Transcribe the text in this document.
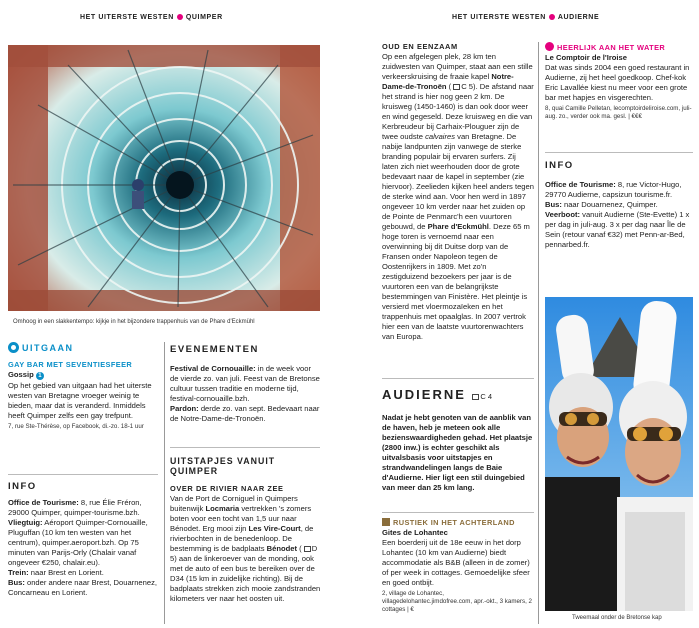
HET UITERSTE WESTEN QUIMPER
Omhoog in een slakkentempo: kijkje in het bijzondere trappenhuis van de Phare d'Eckmühl
UITGAAN
GAY BAR MET SEVENTIESFEER
Gossip 1
Op het gebied van uitgaan had het uiterste westen van Bretagne vroeger weinig te bieden, maar dat is veranderd. Inmiddels heeft Quimper zelfs een gay trefpunt.
7, rue Ste-Thérèse, op Facebook, di.-zo. 18-1 uur
INFO
Office de Tourisme: 8, rue Élie Fréron, 29000 Quimper, quimper-tourisme.bzh.
Vliegtuig: Aéroport Quimper-Cornouaille, Pluguffan (10 km ten westen van het centrum), quimper.aeroport.bzh. Op 75 minuten van Parijs-Orly (Chalair vanaf ongeveer €250, chalair.eu).
Trein: naar Brest en Lorient.
Bus: onder andere naar Brest, Douarnenez, Concarneau en Lorient.
EVENEMENTEN
Festival de Cornouaille: in de week voor de vierde zo. van juli. Feest van de Bretonse cultuur tussen traditie en moderne tijd, festival-cornouaille.bzh.
Pardon: derde zo. van sept. Bedevaart naar de Notre-Dame-de-Tronoën.
UITSTAPJES VANUIT QUIMPER
OVER DE RIVIER NAAR ZEE
Van de Port de Corniguel in Quimpers buitenwijk Locmaria vertrekken 's zomers boten voor een tocht van 1,5 uur naar Bénodet. Erg mooi zijn Les Vire-Court, de rivierbochten in de benedenloop. De bestemming is de badplaats Bénodet ( D 5) aan de linkeroever van de monding, ook met de auto of een bus te bereiken over de D34 (15 km in zuidelijke richting). Bij de badplaats strekken zich mooie zandstranden kilometers ver naar het oosten uit.
HET UITERSTE WESTEN AUDIERNE
OUD EN EENZAAM
Op een afgelegen plek, 28 km ten zuidwesten van Quimper, staat aan een stille verkeerskruising de fraaie kapel Notre-Dame-de-Tronoën ( C 5). De afstand naar het strand is hier nog geen 2 km. De kruisweg (1450-1460) is dan ook door weer en wind gegeseld. Deze kruisweg en die van Kerbreudeur bij Carhaix-Plouguer zijn de twee oudste calvaires van Bretagne. De nabije landpunten zijn vanwege de sterke branding populair bij ervaren surfers. Zij laten zich niet weerhouden door de grote bedevaart naar de kapel in september (zie hiervoor). Zeelieden kijken heel anders tegen de sterke wind aan. Voor hen werd in 1897 ongeveer 10 km verder naar het zuiden op de Pointe de Penmarc'h een vuurtoren gebouwd, de Phare d'Eckmühl. Deze 65 m hoge toren is vernoemd naar een overwinning bij dit Duitse dorp van de Fransen onder Napoleon tegen de Oostenrijkers in 1809. Met zo'n zestigduizend bezoekers per jaar is de vuurtoren een van de belangrijkste bestemmingen van Finistère. Het pleintje is versierd met vloermozaïeken en het trappenhuis met opaalglas. In 2007 vertrok hier een van de laatste vuurtorenwachters van Europa.
AUDIERNE C 4
Nadat je hebt genoten van de aanblik van de haven, heb je meteen ook alle bezienswaardigheden gehad. Het plaatsje (2800 inw.) is echter geschikt als uitvalsbasis voor uitstapjes en strandwandelingen langs de Baie d'Audierne. Hier ligt een stil duingebied van meer dan 25 km lang.
RUSTIEK IN HET ACHTERLAND
Gites de Lohantec
Een boerderij uit de 18e eeuw in het dorp Lohantec (10 km van Audierne) biedt accommodatie als B&B (alleen in de zomer) of per week in cottages. Gemoedelijke sfeer en goed ontbijt.
2, village de Lohantec, villagedelohantec.jimdofree.com, apr.-okt., 3 kamers, 2 cottages | €
HEERLIJK AAN HET WATER
Le Comptoir de l'Iroise
Dat was sinds 2004 een goed restaurant in Audierne, zij het heel goedkoop. Chef-kok Eric Lavallée kiest nu meer voor een grote bar met hapjes en visgerechten.
8, quai Camille Pelletan, lecomptoirdeliroise.com, juli-aug. zo., verder ook ma. gesl. | €€€
INFO
Office de Tourisme: 8, rue Victor-Hugo, 29770 Audierne, capsizun tourisme.fr.
Bus: naar Douarnenez, Quimper.
Veerboot: vanuit Audierne (Ste-Evette) 1 x per dag in juli-aug. 3 x per dag naar Île de Sein (retour vanaf €32) met Penn-ar-Bed, pennarbed.fr.
Tweemaal onder de Bretonse kap
